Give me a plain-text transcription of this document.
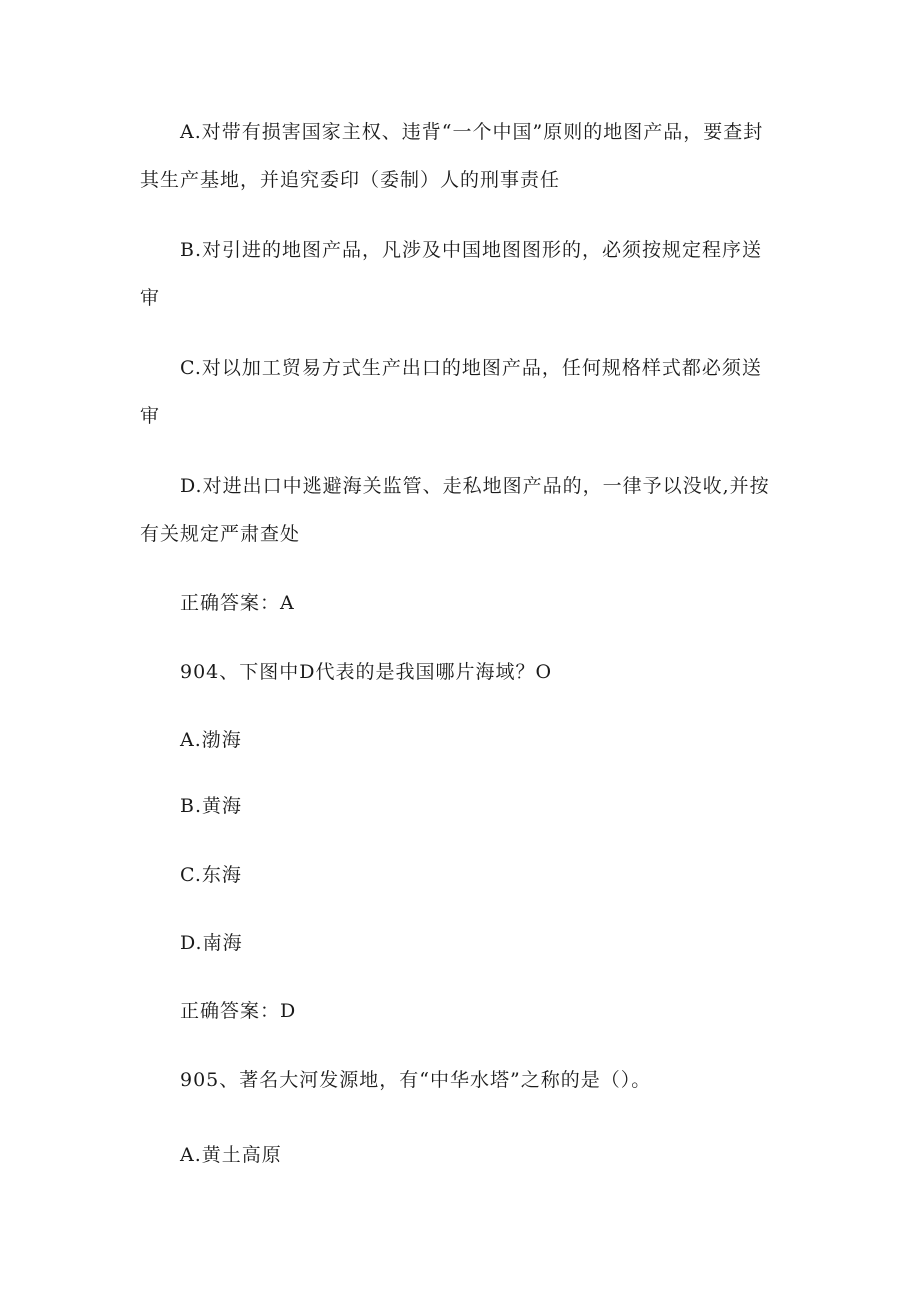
A.对带有损害国家主权、违背“一个中国”原则的地图产品，要查封其生产基地，并追究委印（委制）人的刑事责任

B.对引进的地图产品，凡涉及中国地图图形的，必须按规定程序送审

C.对以加工贸易方式生产出口的地图产品，任何规格样式都必须送审

D.对进出口中逃避海关监管、走私地图产品的，一律予以没收,并按有关规定严肃查处

正确答案：A

904、下图中D代表的是我国哪片海域？O

A.渤海

B.黄海

C.东海

D.南海

正确答案：D

905、著名大河发源地，有“中华水塔”之称的是（）。

A.黄土高原
